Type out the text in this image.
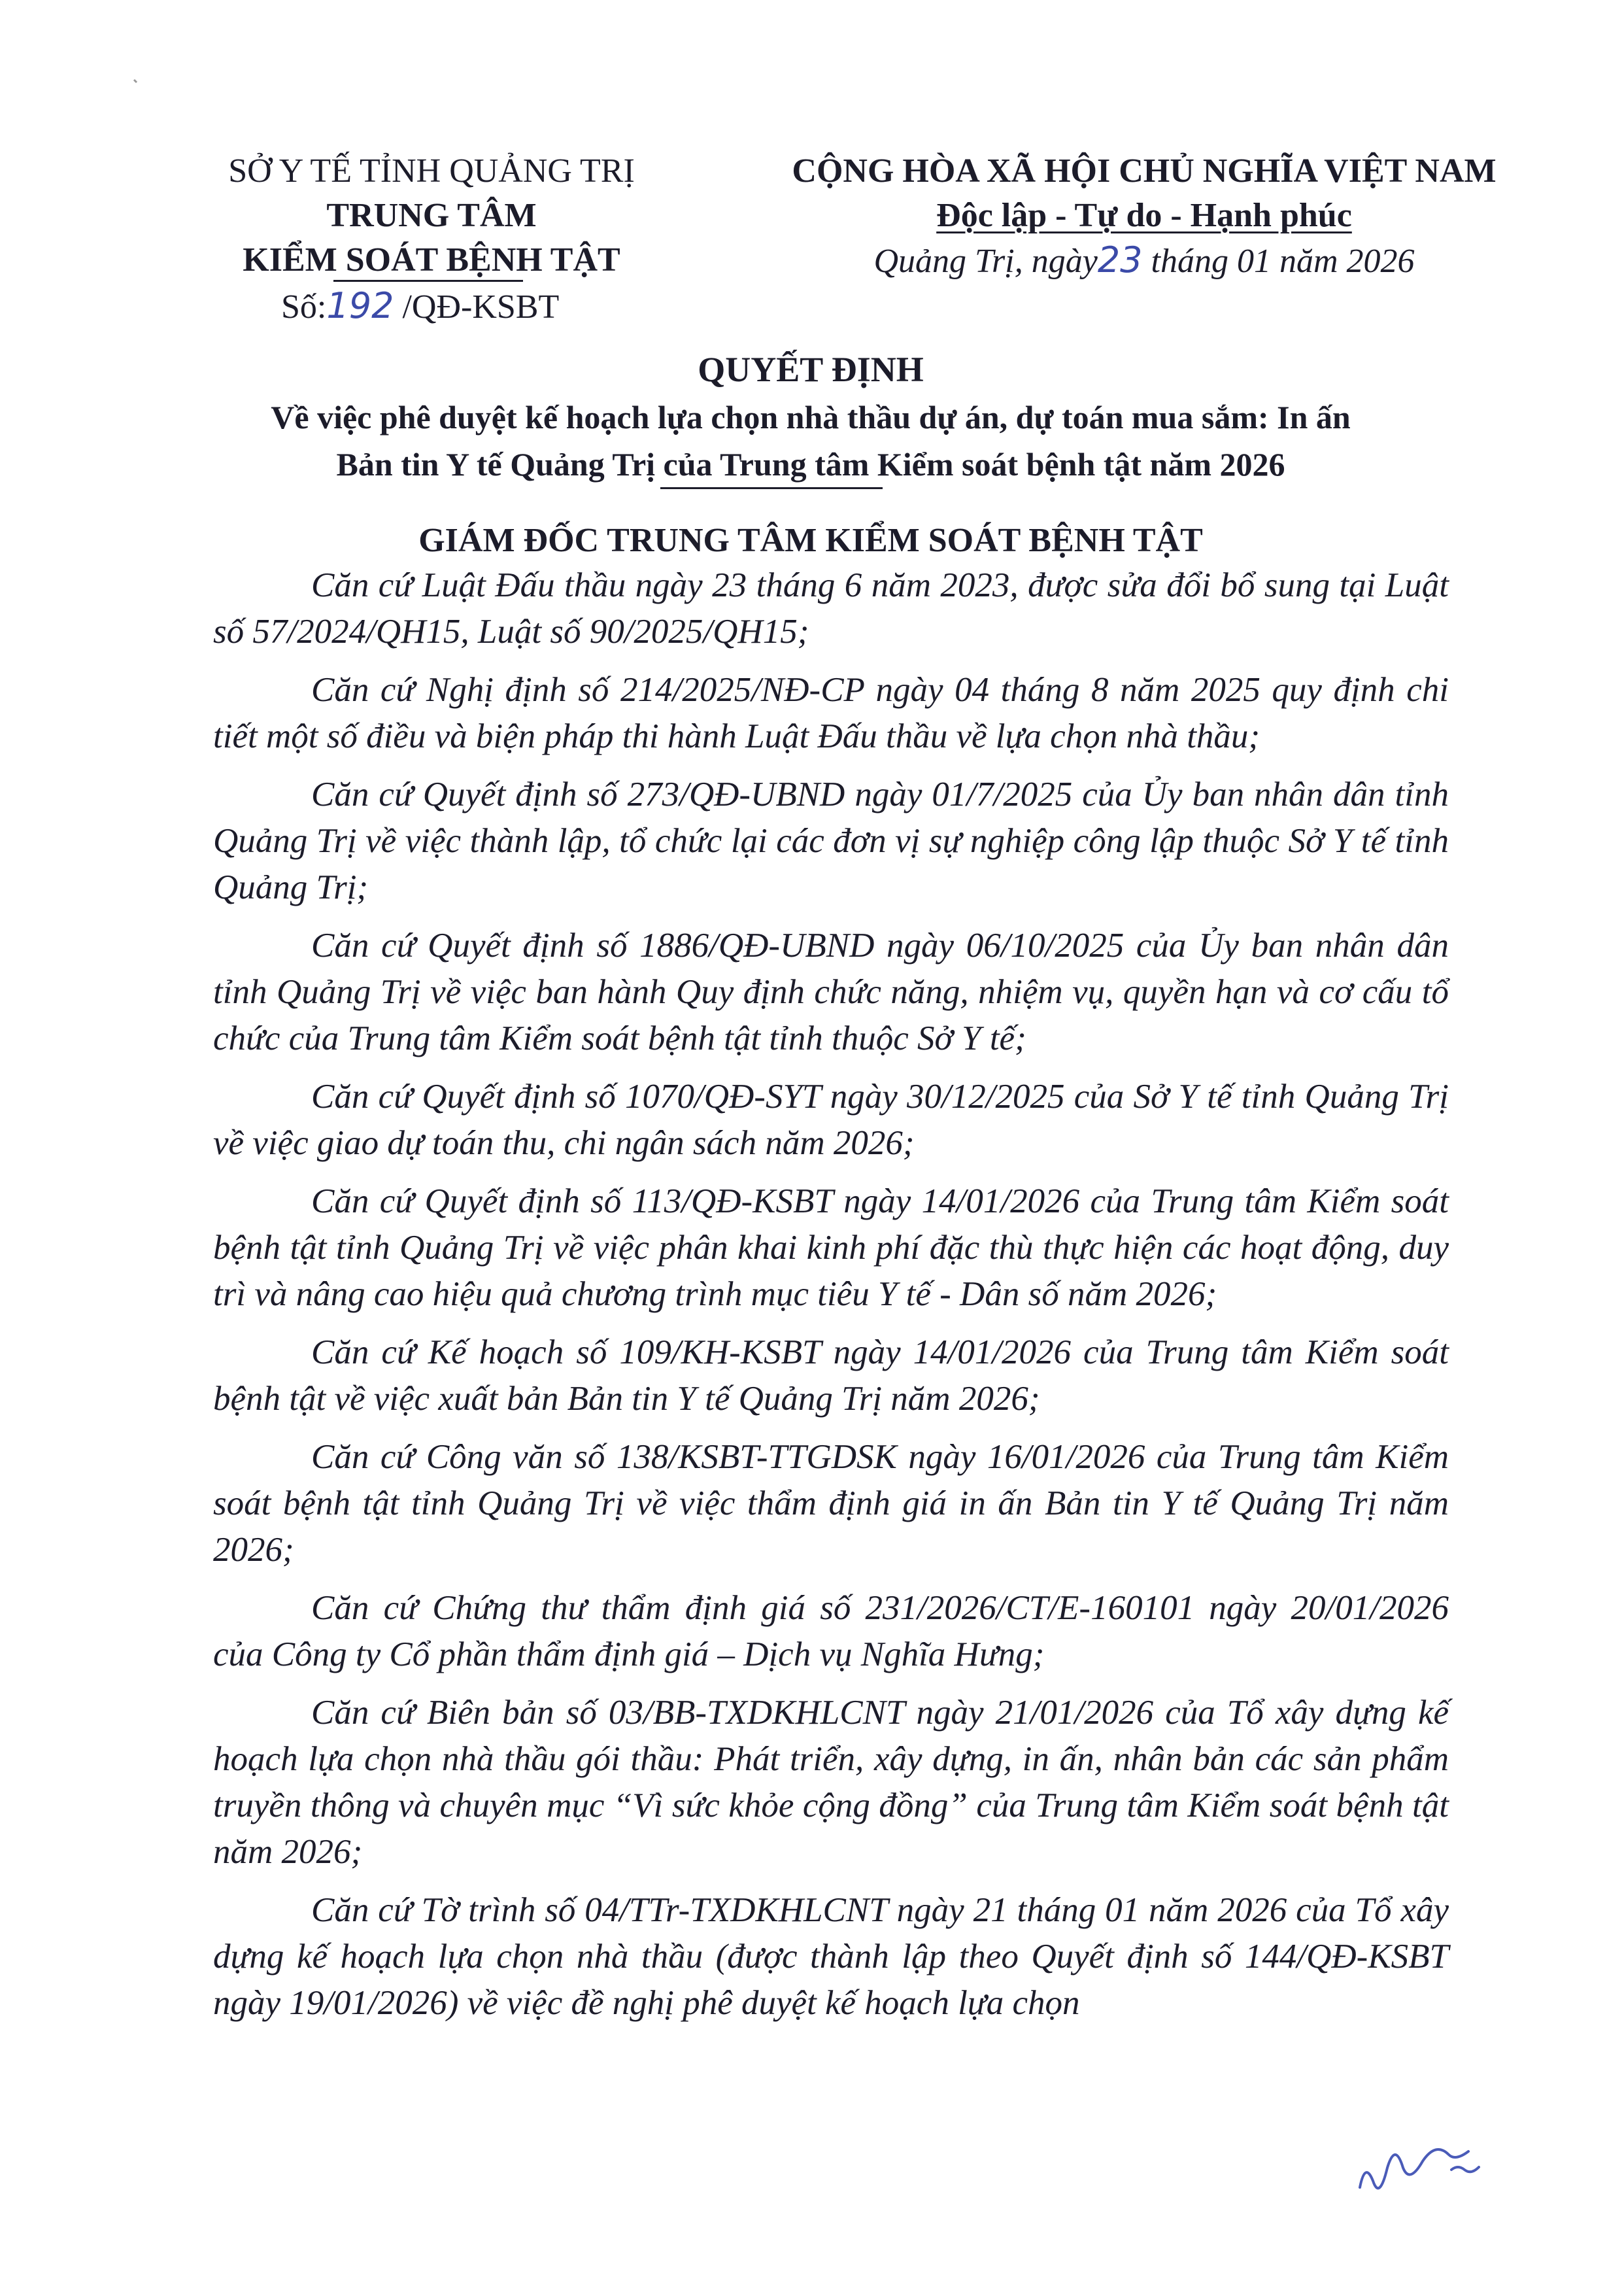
SỞ Y TẾ TỈNH QUẢNG TRỊ
TRUNG TÂM
KIỂM SOÁT BỆNH TẬT
Số:192 /QĐ-KSBT
CỘNG HÒA XÃ HỘI CHỦ NGHĨA VIỆT NAM
Độc lập - Tự do - Hạnh phúc
Quảng Trị, ngày23 tháng 01 năm 2026
QUYẾT ĐỊNH
Về việc phê duyệt kế hoạch lựa chọn nhà thầu dự án, dự toán mua sắm: In ấn
Bản tin Y tế Quảng Trị của Trung tâm Kiểm soát bệnh tật năm 2026
GIÁM ĐỐC TRUNG TÂM KIỂM SOÁT BỆNH TẬT

Căn cứ Luật Đấu thầu ngày 23 tháng 6 năm 2023, được sửa đổi bổ sung tại Luật số 57/2024/QH15, Luật số 90/2025/QH15;

Căn cứ Nghị định số 214/2025/NĐ-CP ngày 04 tháng 8 năm 2025 quy định chi tiết một số điều và biện pháp thi hành Luật Đấu thầu về lựa chọn nhà thầu;

Căn cứ Quyết định số 273/QĐ-UBND ngày 01/7/2025 của Ủy ban nhân dân tỉnh Quảng Trị về việc thành lập, tổ chức lại các đơn vị sự nghiệp công lập thuộc Sở Y tế tỉnh Quảng Trị;

Căn cứ Quyết định số 1886/QĐ-UBND ngày 06/10/2025 của Ủy ban nhân dân tỉnh Quảng Trị về việc ban hành Quy định chức năng, nhiệm vụ, quyền hạn và cơ cấu tổ chức của Trung tâm Kiểm soát bệnh tật tỉnh thuộc Sở Y tế;

Căn cứ Quyết định số 1070/QĐ-SYT ngày 30/12/2025 của Sở Y tế tỉnh Quảng Trị về việc giao dự toán thu, chi ngân sách năm 2026;

Căn cứ Quyết định số 113/QĐ-KSBT ngày 14/01/2026 của Trung tâm Kiểm soát bệnh tật tỉnh Quảng Trị về việc phân khai kinh phí đặc thù thực hiện các hoạt động, duy trì và nâng cao hiệu quả chương trình mục tiêu Y tế - Dân số năm 2026;

Căn cứ Kế hoạch số 109/KH-KSBT ngày 14/01/2026 của Trung tâm Kiểm soát bệnh tật về việc xuất bản Bản tin Y tế Quảng Trị năm 2026;

Căn cứ Công văn số 138/KSBT-TTGDSK ngày 16/01/2026 của Trung tâm Kiểm soát bệnh tật tỉnh Quảng Trị về việc thẩm định giá in ấn Bản tin Y tế Quảng Trị năm 2026;

Căn cứ Chứng thư thẩm định giá số 231/2026/CT/E-160101 ngày 20/01/2026 của Công ty Cổ phần thẩm định giá – Dịch vụ Nghĩa Hưng;

Căn cứ Biên bản số 03/BB-TXDKHLCNT ngày 21/01/2026 của Tổ xây dựng kế hoạch lựa chọn nhà thầu gói thầu: Phát triển, xây dựng, in ấn, nhân bản các sản phẩm truyền thông và chuyên mục “Vì sức khỏe cộng đồng” của Trung tâm Kiểm soát bệnh tật năm 2026;

Căn cứ Tờ trình số 04/TTr-TXDKHLCNT ngày 21 tháng 01 năm 2026 của Tổ xây dựng kế hoạch lựa chọn nhà thầu (được thành lập theo Quyết định số 144/QĐ-KSBT ngày 19/01/2026) về việc đề nghị phê duyệt kế hoạch lựa chọn
